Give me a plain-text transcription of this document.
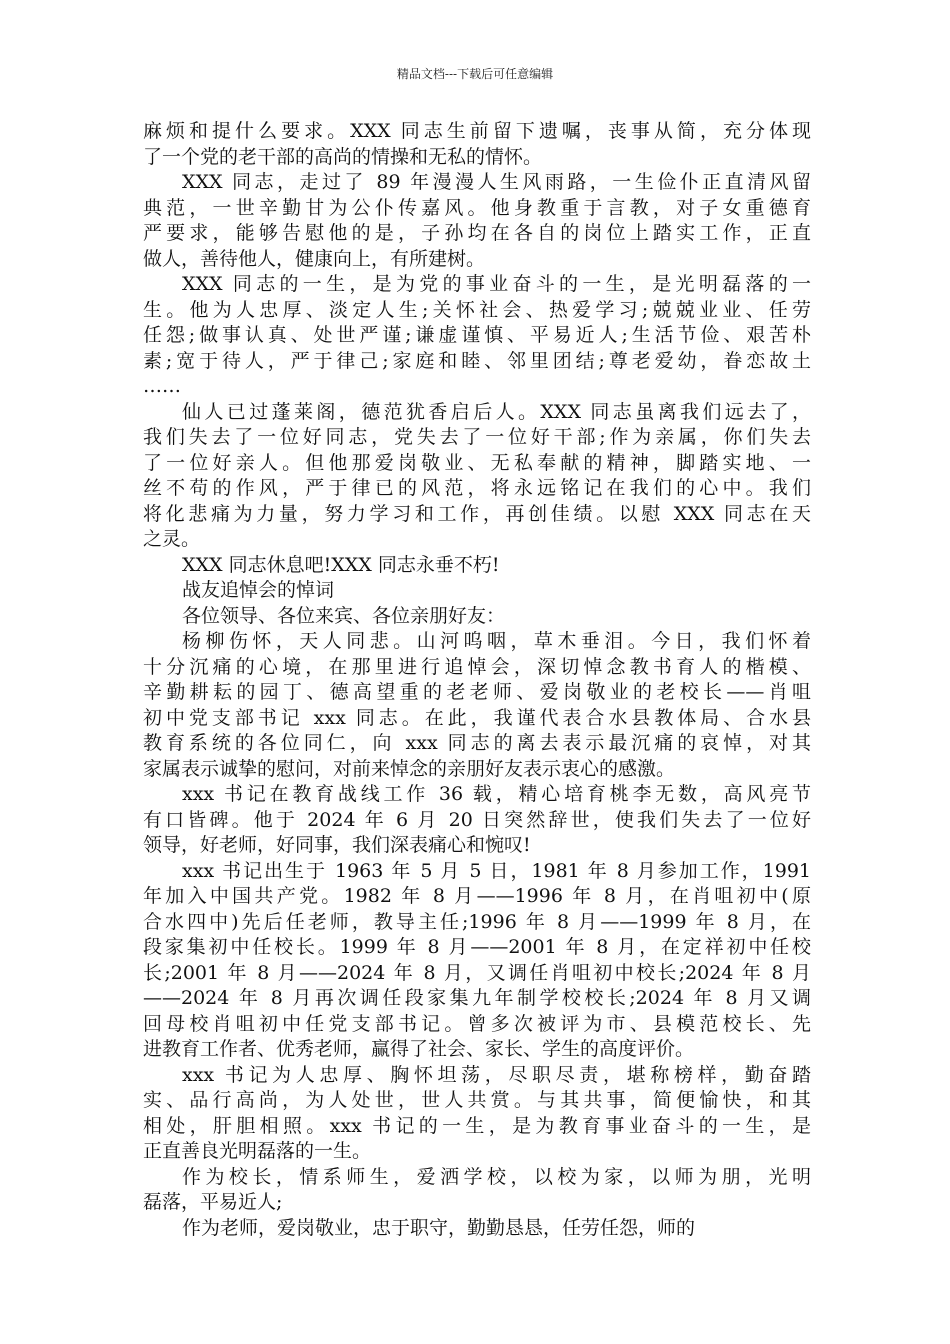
精品文档---下载后可任意编辑
麻烦和提什么要求。XXX 同志生前留下遗嘱，丧事从简，充分体现
了一个党的老干部的高尚的情操和无私的情怀。
XXX 同志，走过了 89 年漫漫人生风雨路，一生俭仆正直清风留
典范，一世辛勤甘为公仆传嘉风。他身教重于言教，对子女重德育
严要求，能够告慰他的是，子孙均在各自的岗位上踏实工作，正直
做人，善待他人，健康向上，有所建树。
XXX 同志的一生，是为党的事业奋斗的一生，是光明磊落的一
生。他为人忠厚、淡定人生;关怀社会、热爱学习;兢兢业业、任劳
任怨;做事认真、处世严谨;谦虚谨慎、平易近人;生活节俭、艰苦朴
素;宽于待人，严于律己;家庭和睦、邻里团结;尊老爱幼，眷恋故土
……
仙人已过蓬莱阁，德范犹香启后人。XXX 同志虽离我们远去了，
我们失去了一位好同志，党失去了一位好干部;作为亲属，你们失去
了一位好亲人。但他那爱岗敬业、无私奉献的精神，脚踏实地、一
丝不苟的作风，严于律已的风范，将永远铭记在我们的心中。我们
将化悲痛为力量，努力学习和工作，再创佳绩。以慰 XXX 同志在天
之灵。
XXX 同志休息吧!XXX 同志永垂不朽!
战友追悼会的悼词
各位领导、各位来宾、各位亲朋好友：
杨柳伤怀，天人同悲。山河呜咽，草木垂泪。今日，我们怀着
十分沉痛的心境，在那里进行追悼会，深切悼念教书育人的楷模、
辛勤耕耘的园丁、德高望重的老老师、爱岗敬业的老校长——肖咀
初中党支部书记 xxx 同志。在此，我谨代表合水县教体局、合水县
教育系统的各位同仁，向 xxx 同志的离去表示最沉痛的哀悼，对其
家属表示诚挚的慰问，对前来悼念的亲朋好友表示衷心的感激。
xxx 书记在教育战线工作 36 载，精心培育桃李无数，高风亮节
有口皆碑。他于 2024 年 6 月 20 日突然辞世，使我们失去了一位好
领导，好老师，好同事，我们深表痛心和惋叹!
xxx 书记出生于 1963 年 5 月 5 日，1981 年 8 月参加工作，1991
年加入中国共产党。1982 年 8 月——1996 年 8 月，在肖咀初中(原
合水四中)先后任老师，教导主任;1996 年 8 月——1999 年 8 月，在
段家集初中任校长。1999 年 8 月——2001 年 8 月，在定祥初中任校
长;2001 年 8 月——2024 年 8 月，又调任肖咀初中校长;2024 年 8 月
——2024 年 8 月再次调任段家集九年制学校校长;2024 年 8 月又调
回母校肖咀初中任党支部书记。曾多次被评为市、县模范校长、先
进教育工作者、优秀老师，赢得了社会、家长、学生的高度评价。
xxx 书记为人忠厚、胸怀坦荡，尽职尽责，堪称榜样，勤奋踏
实、品行高尚，为人处世，世人共赏。与其共事，简便愉快，和其
相处，肝胆相照。xxx 书记的一生，是为教育事业奋斗的一生，是
正直善良光明磊落的一生。
作为校长，情系师生，爱洒学校，以校为家，以师为朋，光明
磊落，平易近人;
作为老师，爱岗敬业，忠于职守，勤勤恳恳，任劳任怨，师的
